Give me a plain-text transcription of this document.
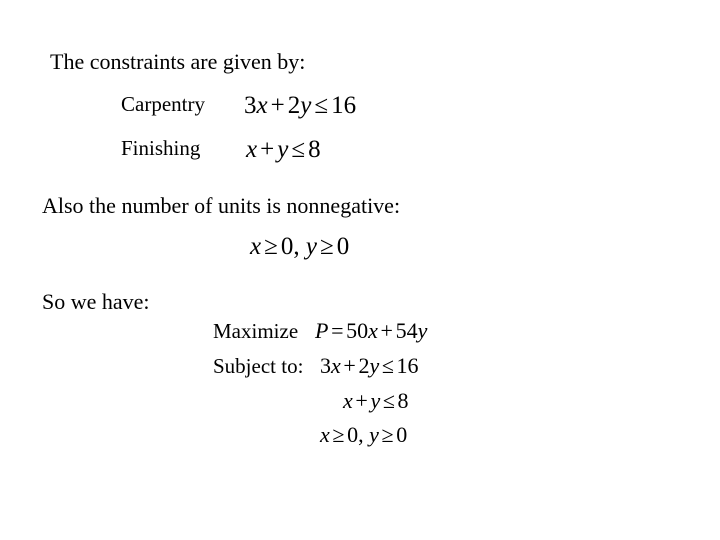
The constraints are given by:
Carpentry 3x + 2y ≤ 16
Finishing x + y ≤ 8
Also the number of units is nonnegative:
x ≥ 0, y ≥ 0
So we have:
Maximize P = 50x + 54y
Subject to: 3x + 2y ≤ 16
x + y ≤ 8
x ≥ 0, y ≥ 0
